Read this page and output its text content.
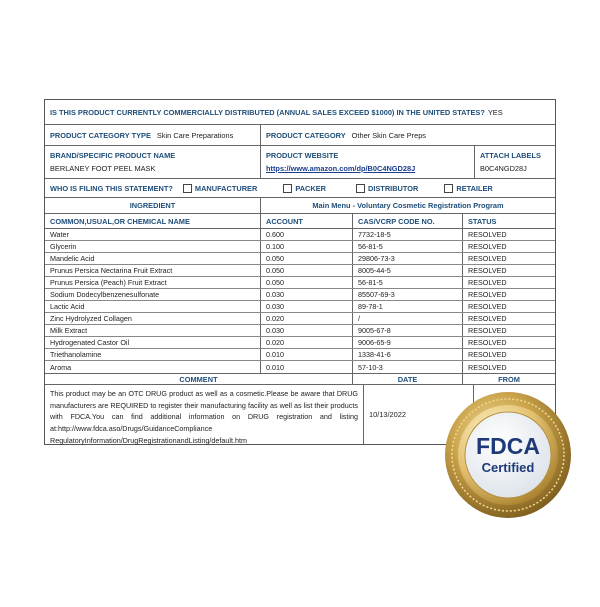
IS THIS PRODUCT CURRENTLY COMMERCIALLY DISTRIBUTED (ANNUAL SALES EXCEED $1000) IN THE UNITED STATES? YES
PRODUCT CATEGORY TYPE Skin Care Preparations	PRODUCT CATEGORY Other Skin Care Preps
BRAND/SPECIFIC PRODUCT NAME
BERLANEY FOOT PEEL MASK
PRODUCT WEBSITE
https://www.amazon.com/dp/B0C4NGD28J
ATTACH LABELS
B0C4NGD28J
WHO IS FILING THIS STATEMENT?	MANUFACTURER	PACKER	DISTRIBUTOR	RETAILER
INGREDIENT	Main Menu - Voluntary Cosmetic Registration Program
COMMON,USUAL,OR CHEMICAL NAME	ACCOUNT	CAS/VCRP CODE NO.	STATUS
Water	0.600	7732-18-5	RESOLVED
Glycerin	0.100	56-81-5	RESOLVED
Mandelic Acid	0.050	29806-73-3	RESOLVED
Prunus Persica Nectarina Fruit Extract	0.050	8005-44-5	RESOLVED
Prunus Persica (Peach) Fruit Extract	0.050	56-81-5	RESOLVED
Sodium Dodecylbenzenesulfonate	0.030	85507-69-3	RESOLVED
Lactic Acid	0.030	89-78-1	RESOLVED
Zinc Hydrolyzed Collagen	0.020	/	RESOLVED
Milk Extract	0.030	9005-67-8	RESOLVED
Hydrogenated Castor Oil	0.020	9006-65-9	RESOLVED
Triethanolamine	0.010	1338-41-6	RESOLVED
Aroma	0.010	57-10-3	RESOLVED
COMMENT	DATE	FROM
This product may be an OTC DRUG product as well as a cosmetic.Please be aware that DRUG manufacturers are REQUIRED to register their manufacturing facility as well as list their products with FDCA.You can find additional information on DRUG registration and listing at:http://www.fdca.aso/Drugs/GuidanceCompliance RegulatoryInformation/DrugRegistrationandListing/default.htm
10/13/2022
FDCA
Certified
